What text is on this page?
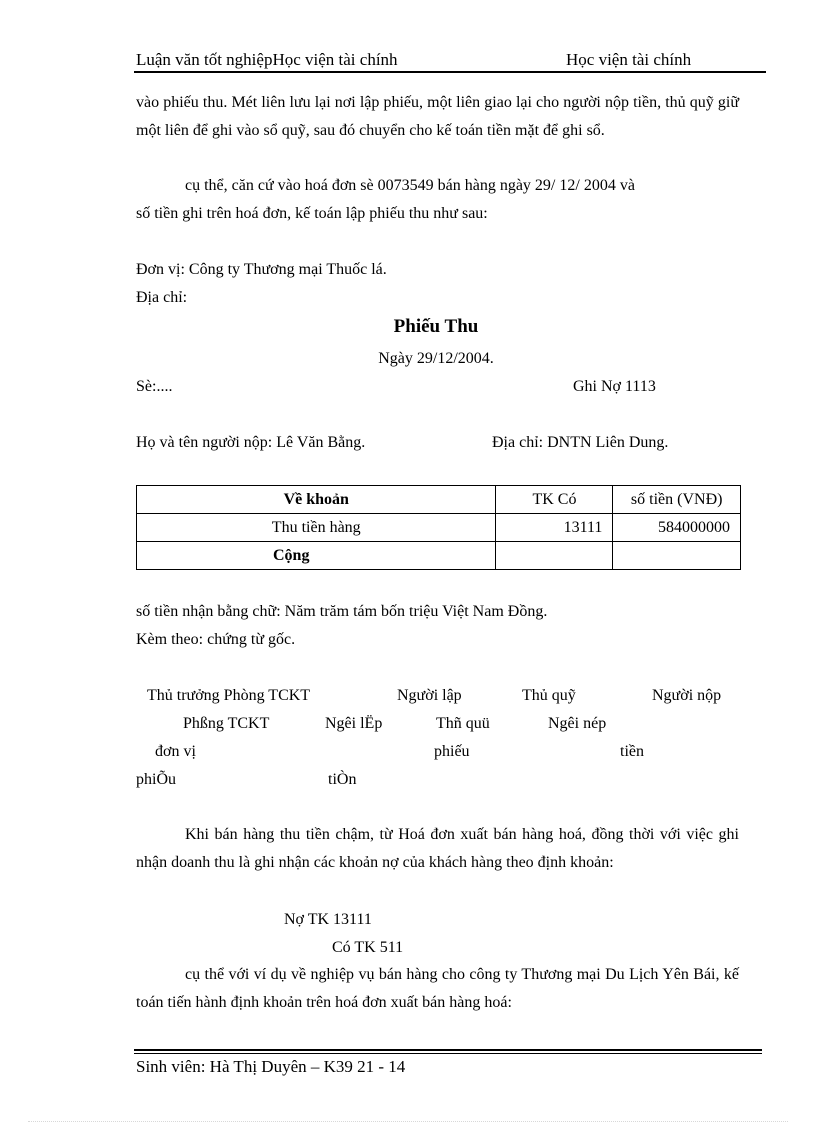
Luận văn tốt nghiệpHọc viện tài chính	Học viện tài chính
vào phiếu thu. Mét liên lưu lại nơi lập phiếu, một liên giao lại cho người nộp tiền, thủ quỹ giữ một liên để ghi vào sổ quỹ, sau đó chuyển cho kế toán tiền mặt để ghi sổ.
cụ thể, căn cứ vào hoá đơn sè 0073549 bán hàng ngày 29/ 12/ 2004 và
số tiền ghi trên hoá đơn, kế toán lập phiếu thu như sau:
Đơn vị: Công ty Thương mại Thuốc lá.
Địa chỉ:
Phiếu Thu
Ngày 29/12/2004.
Sè:....	Ghi Nợ 1113
Họ và tên người nộp: Lê Văn Bằng.	Địa chỉ: DNTN Liên Dung.
Về khoản	TK Có	số tiền (VNĐ)
Thu tiền hàng	13111	584000000
Cộng		
số tiền nhận bằng chữ: Năm trăm tám bốn triệu Việt Nam Đồng.
Kèm theo: chứng từ gốc.
Thủ trưởng Phòng TCKT	Người lập	Thủ quỹ	Người nộp
Phßng TCKT	Ngêi lËp	Thñ quü	Ngêi nép
đơn vị	phiếu	tiền
phiÕu	tiÒn
Khi bán hàng thu tiền chậm, từ Hoá đơn xuất bán hàng hoá, đồng thời với việc ghi nhận doanh thu là ghi nhận các khoản nợ của khách hàng theo định khoản:
Nợ TK 13111
Có TK 511
cụ thể với ví dụ về nghiệp vụ bán hàng cho công ty Thương mại Du Lịch Yên Bái, kế toán tiến hành định khoản trên hoá đơn xuất bán hàng hoá:
Sinh viên: Hà Thị Duyên – K39 21 - 14
